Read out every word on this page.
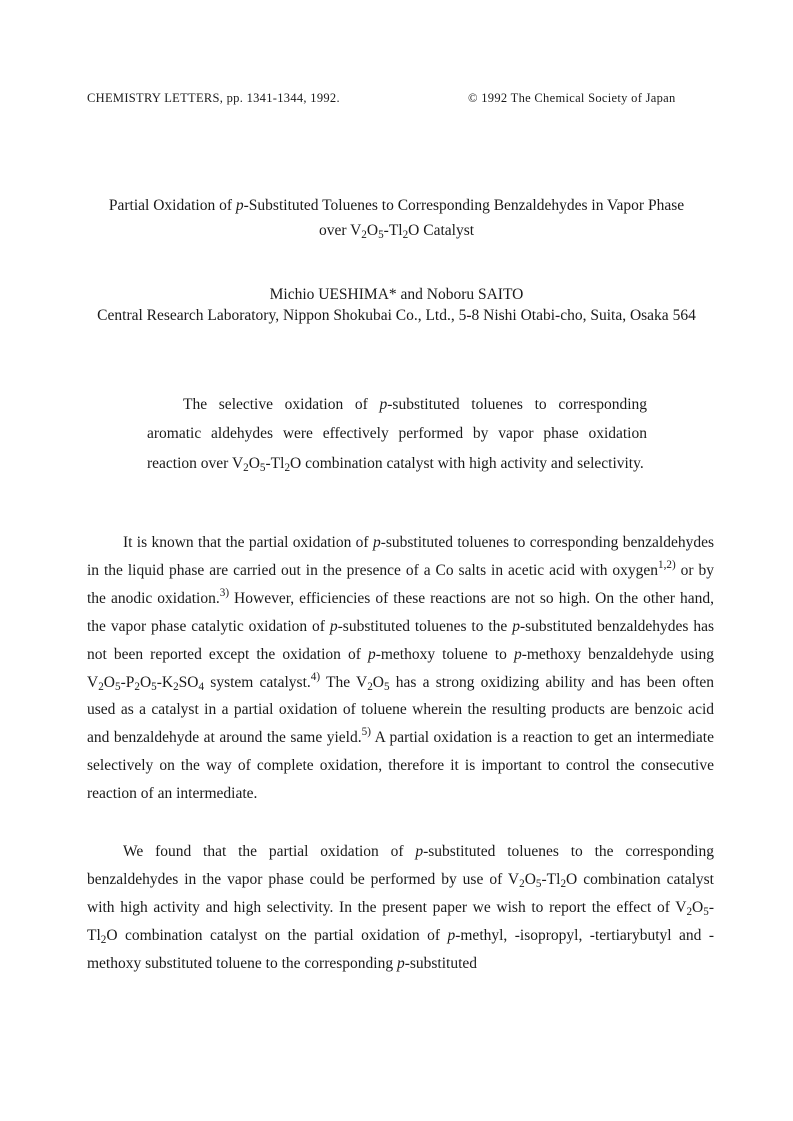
CHEMISTRY LETTERS, pp. 1341-1344, 1992.	© 1992 The Chemical Society of Japan
Partial Oxidation of p-Substituted Toluenes to Corresponding Benzaldehydes in Vapor Phase
over $V_2O_5-Tl_2O$ Catalyst
Michio UESHIMA* and Noboru SAITO
Central Research Laboratory, Nippon Shokubai Co., Ltd., 5-8 Nishi Otabi-cho, Suita, Osaka 564

The selective oxidation of p-substituted toluenes to corresponding aromatic aldehydes were effectively performed by vapor phase oxidation reaction over $V_2O_5-Tl_2O$ combination catalyst with high activity and selectivity.

It is known that the partial oxidation of p-substituted toluenes to corresponding benzaldehydes in the liquid phase are carried out in the presence of a Co salts in acetic acid with oxygen$^{1,2)}$ or by the anodic oxidation.$^{3)}$ However, efficiencies of these reactions are not so high. On the other hand, the vapor phase catalytic oxidation of p-substituted toluenes to the p-substituted benzaldehydes has not been reported except the oxidation of p-methoxy toluene to p-methoxy benzaldehyde using $V_2O_5-P_2O_5-K_2SO_4$ system catalyst.$^{4)}$ The $V_2O_5$ has a strong oxidizing ability and has been often used as a catalyst in a partial oxidation of toluene wherein the resulting products are benzoic acid and benzaldehyde at around the same yield.$^{5)}$ A partial oxidation is a reaction to get an intermediate selectively on the way of complete oxidation, therefore it is important to control the consecutive reaction of an intermediate.

We found that the partial oxidation of p-substituted toluenes to the corresponding benzaldehydes in the vapor phase could be performed by use of $V_2O_5-Tl_2O$ combination catalyst with high activity and high selectivity. In the present paper we wish to report the effect of $V_2O_5-Tl_2O$ combination catalyst on the partial oxidation of p-methyl, -isopropyl, -tertiarybutyl and -methoxy substituted toluene to the corresponding p-substituted
